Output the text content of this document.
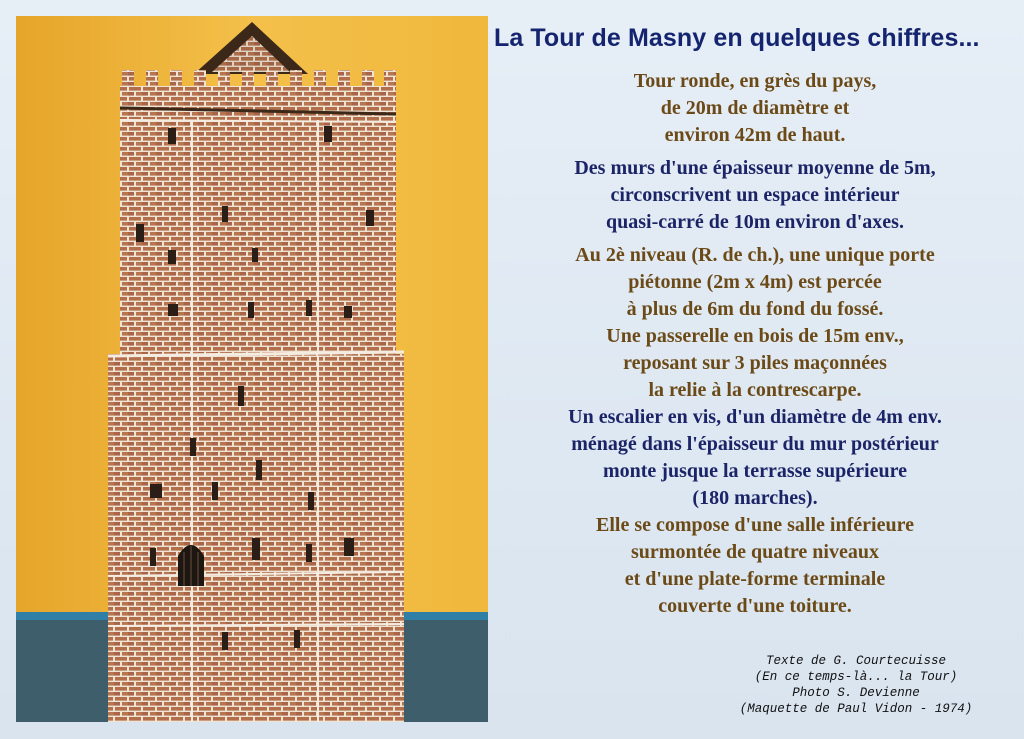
La Tour de Masny en quelques chiffres...
Tour ronde, en grès du pays,
de 20m de diamètre et
environ 42m de haut.
Des murs d'une épaisseur moyenne de 5m,
circonscrivent un espace intérieur
quasi-carré de 10m environ d'axes.
Au 2è niveau (R. de ch.), une unique porte
piétonne (2m x 4m) est percée
à plus de 6m du fond du fossé.
Une passerelle en bois de 15m env.,
reposant sur 3 piles maçonnées
la relie à la contrescarpe.
Un escalier en vis, d'un diamètre de 4m env.
ménagé dans l'épaisseur du mur postérieur
monte jusque la terrasse supérieure
(180 marches).
Elle se compose d'une salle inférieure
surmontée de quatre niveaux
et d'une plate-forme terminale
couverte d'une toiture.
Texte de G. Courtecuisse
(En ce temps-là... la Tour)
Photo S. Devienne
(Maquette de Paul Vidon - 1974)
